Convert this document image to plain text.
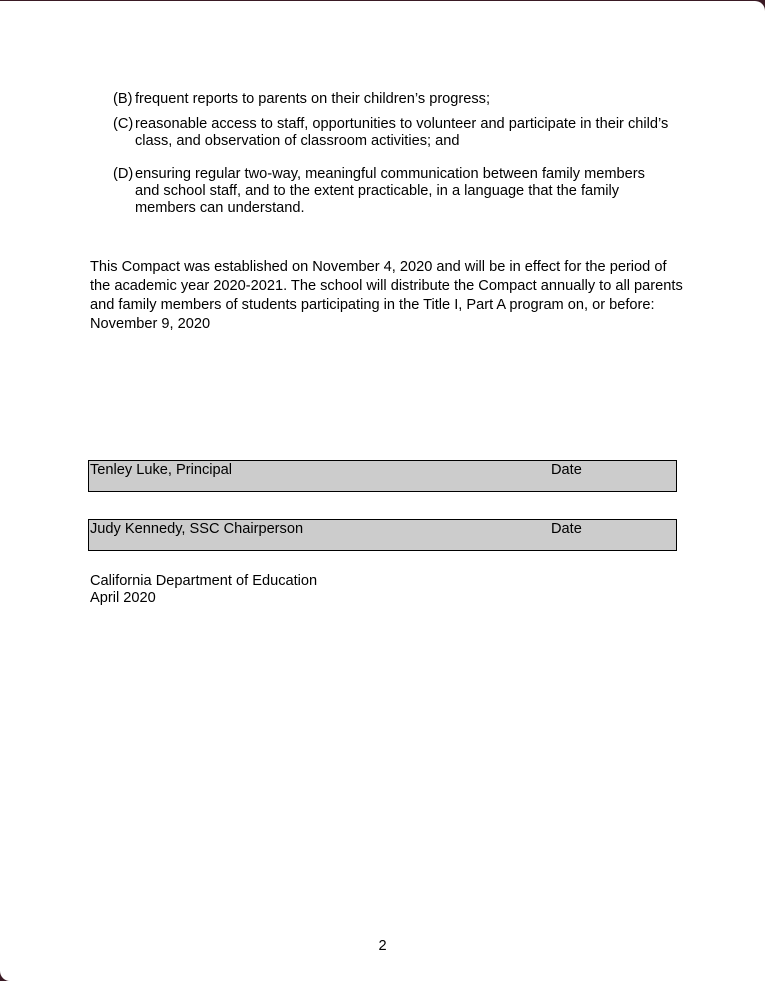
(B) frequent reports to parents on their children’s progress;
(C) reasonable access to staff, opportunities to volunteer and participate in their child’s class, and observation of classroom activities; and
(D) ensuring regular two-way, meaningful communication between family members and school staff, and to the extent practicable, in a language that the family members can understand.
This Compact was established on November 4, 2020 and will be in effect for the period of the academic year 2020-2021. The school will distribute the Compact annually to all parents and family members of students participating in the Title I, Part A program on, or before: November 9, 2020
Tenley Luke, Principal	Date
Judy Kennedy, SSC Chairperson	Date
California Department of Education
April 2020
2
